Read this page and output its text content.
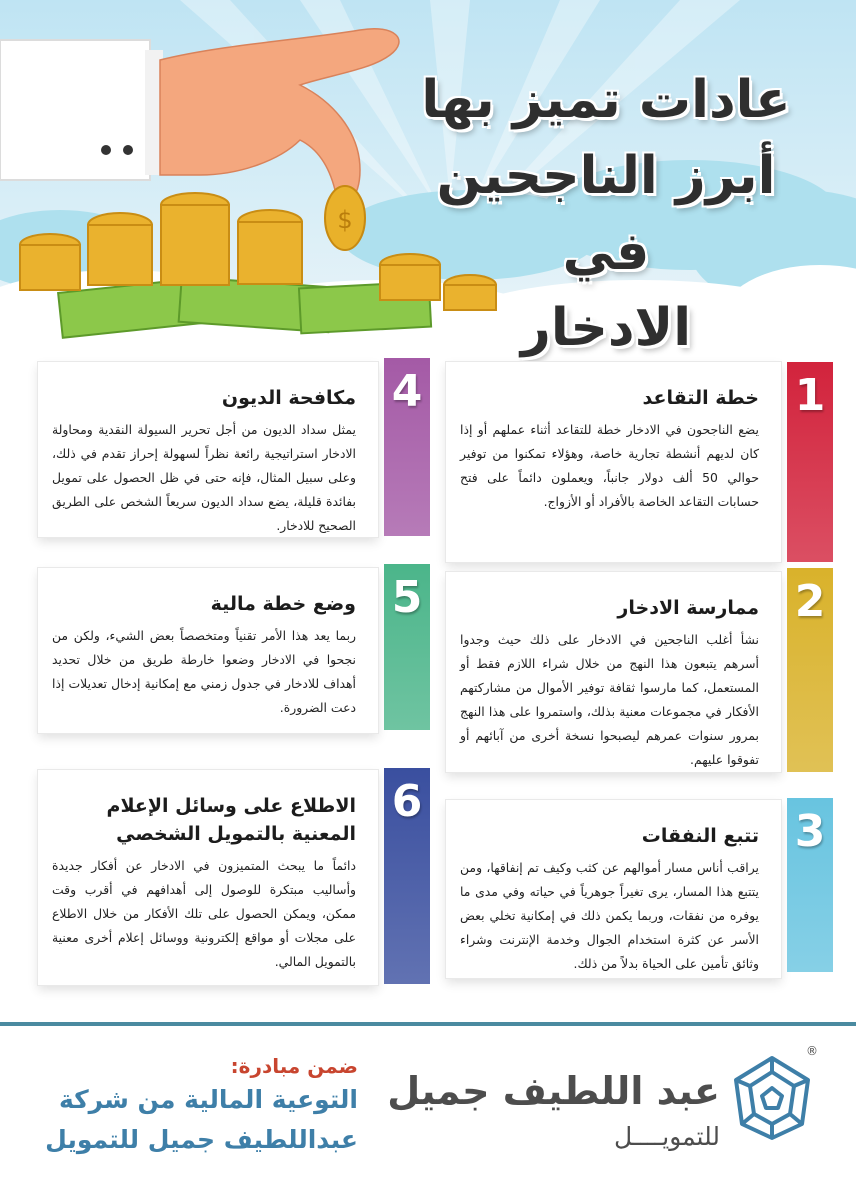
$
عادات تميز بها
أبرز الناجحين في
الادخار
خطة التقاعد
يضع الناجحون في الادخار خطة للتقاعد أثناء عملهم أو إذا كان لديهم أنشطة تجارية خاصة، وهؤلاء تمكنوا من توفير حوالي 50 ألف دولار جانباً، ويعملون دائماً على فتح حسابات التقاعد الخاصة بالأفراد أو الأزواج.
1
ممارسة الادخار
نشأ أغلب الناجحين في الادخار على ذلك حيث وجدوا أسرهم يتبعون هذا النهج من خلال شراء اللازم فقط أو المستعمل، كما مارسوا ثقافة توفير الأموال من مشاركتهم الأفكار في مجموعات معنية بذلك، واستمروا على هذا النهج بمرور سنوات عمرهم ليصبحوا نسخة أخرى من آبائهم أو تفوقوا عليهم.
2
تتبع النفقات
يراقب أناس مسار أموالهم عن كثب وكيف تم إنفاقها، ومن يتتبع هذا المسار، يرى تغيراً جوهرياً في حياته وفي مدى ما يوفره من نفقات، وربما يكمن ذلك في إمكانية تخلي بعض الأسر عن كثرة استخدام الجوال وخدمة الإنترنت وشراء وثائق تأمين على الحياة بدلاً من ذلك.
3
مكافحة الديون
يمثل سداد الديون من أجل تحرير السيولة النقدية ومحاولة الادخار استراتيجية رائعة نظراً لسهولة إحراز تقدم في ذلك، وعلى سبيل المثال، فإنه حتى في ظل الحصول على تمويل بفائدة قليلة، يضع سداد الديون سريعاً الشخص على الطريق الصحيح للادخار.
4
وضع خطة مالية
ربما يعد هذا الأمر تقنياً ومتخصصاً بعض الشيء، ولكن من نجحوا في الادخار وضعوا خارطة طريق من خلال تحديد أهداف للادخار في جدول زمني مع إمكانية إدخال تعديلات إذا دعت الضرورة.
5
الاطلاع على وسائل الإعلام المعنية بالتمويل الشخصي
دائماً ما يبحث المتميزون في الادخار عن أفكار جديدة وأساليب مبتكرة للوصول إلى أهدافهم في أقرب وقت ممكن، ويمكن الحصول على تلك الأفكار من خلال الاطلاع على مجلات أو مواقع إلكترونية ووسائل إعلام أخرى معنية بالتمويل المالي.
6
ضمن مبادرة:
التوعية المالية من شركة
عبداللطيف جميل للتمويل
عبد اللطيف جميل
للتمويــــل
®
